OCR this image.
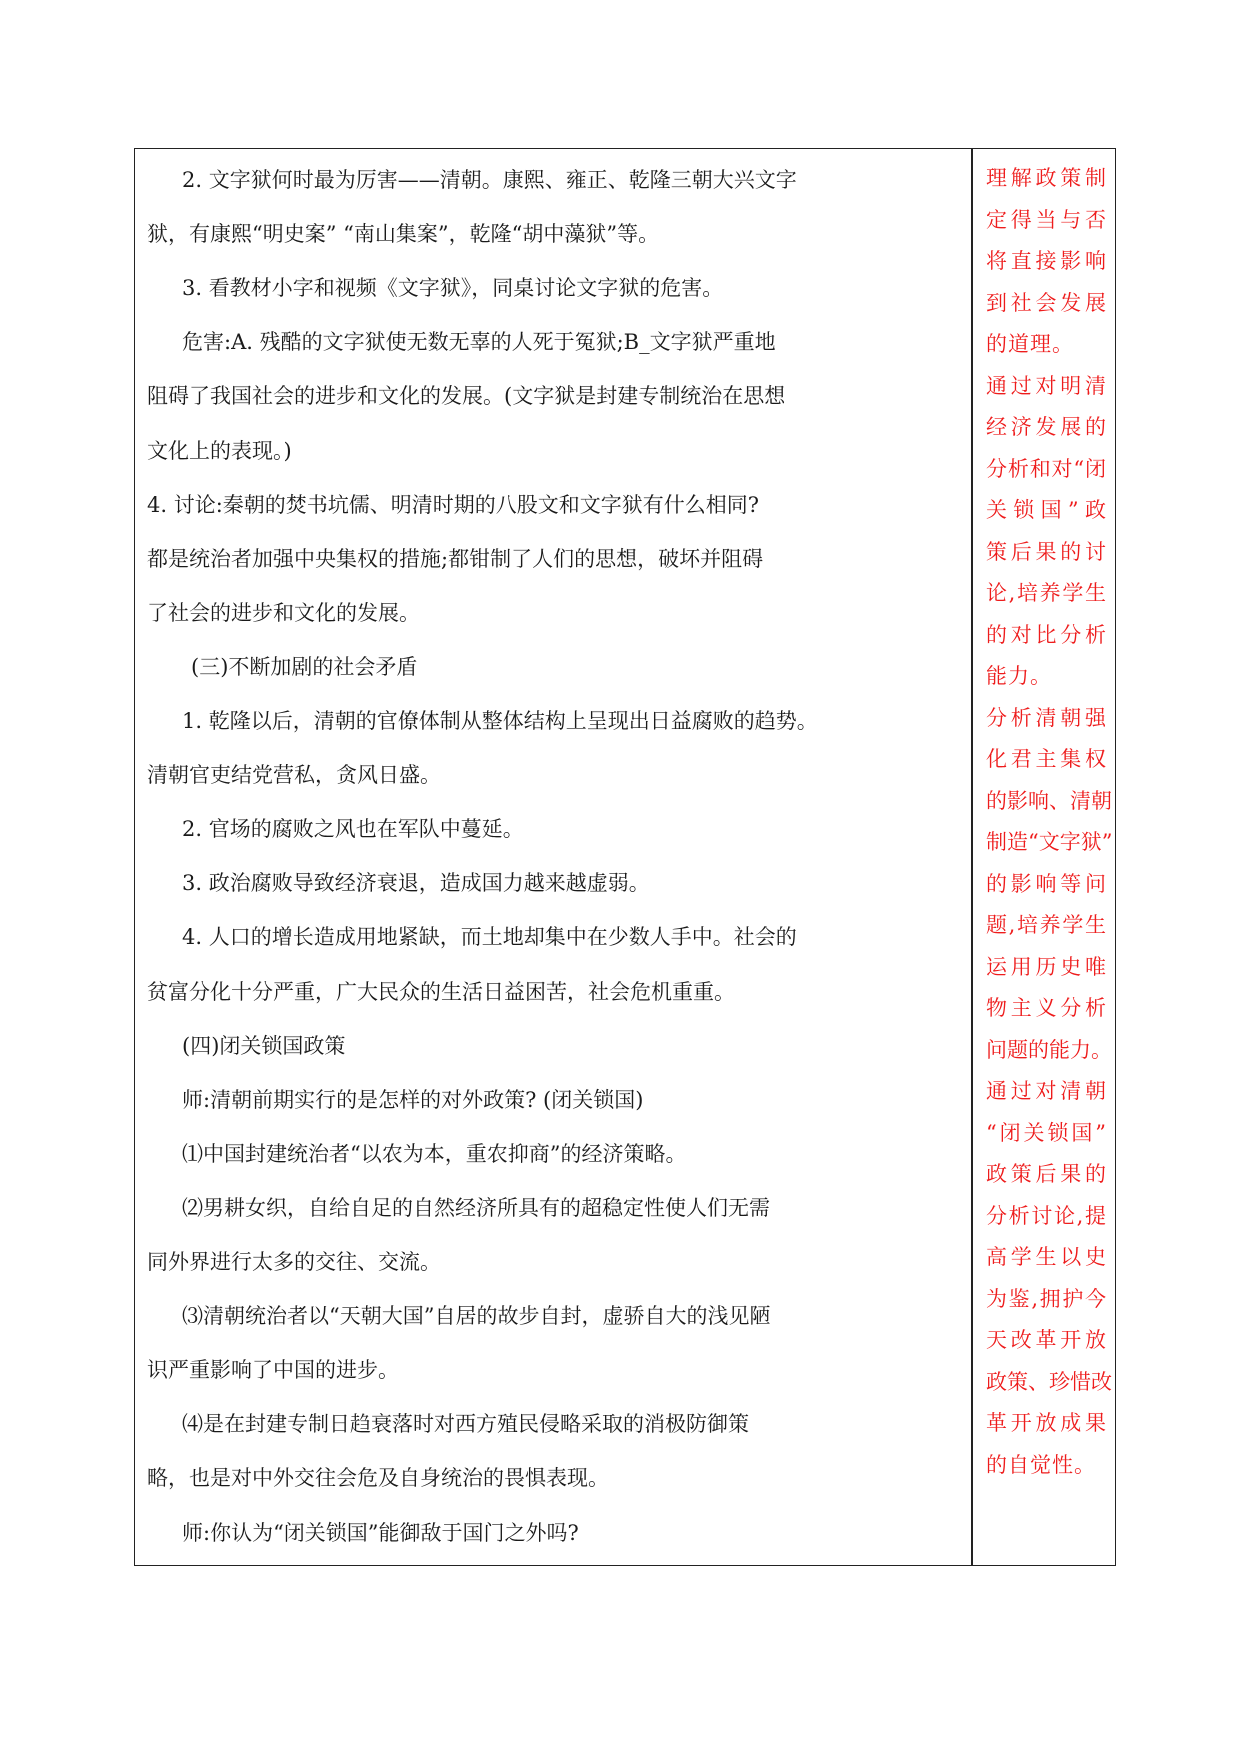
2. 文字狱何时最为厉害——清朝。康熙、雍正、乾隆三朝大兴文字
狱，有康熙“明史案” “南山集案”，乾隆“胡中藻狱”等。
3. 看教材小字和视频《文字狱》，同桌讨论文字狱的危害。
危害:A. 残酷的文字狱使无数无辜的人死于冤狱;B_文字狱严重地
阻碍了我国社会的进步和文化的发展。(文字狱是封建专制统治在思想
文化上的表现。)
4. 讨论:秦朝的焚书坑儒、明清时期的八股文和文字狱有什么相同?
都是统治者加强中央集权的措施;都钳制了人们的思想，破坏并阻碍
了社会的进步和文化的发展。
(三)不断加剧的社会矛盾
1. 乾隆以后，清朝的官僚体制从整体结构上呈现出日益腐败的趋势。
清朝官吏结党营私，贪风日盛。
2. 官场的腐败之风也在军队中蔓延。
3. 政治腐败导致经济衰退，造成国力越来越虚弱。
4. 人口的增长造成用地紧缺，而土地却集中在少数人手中。社会的
贫富分化十分严重，广大民众的生活日益困苦，社会危机重重。
(四)闭关锁国政策
师:清朝前期实行的是怎样的对外政策? (闭关锁国)
⑴中国封建统治者“以农为本，重农抑商”的经济策略。
⑵男耕女织，自给自足的自然经济所具有的超稳定性使人们无需
同外界进行太多的交往、交流。
⑶清朝统治者以“天朝大国”自居的故步自封，虚骄自大的浅见陋
识严重影响了中国的进步。
⑷是在封建专制日趋衰落时对西方殖民侵略采取的消极防御策
略，也是对中外交往会危及自身统治的畏惧表现。
师:你认为“闭关锁国”能御敌于国门之外吗?
理解政策制
定得当与否
将直接影响
到社会发展
的道理。
通过对明清
经济发展的
分析和对“闭
关锁国”政
策后果的讨
论,培养学生
的对比分析
能力。
分析清朝强
化君主集权
的影响、清朝
制造“文字狱”
的影响等问
题,培养学生
运用历史唯
物主义分析
问题的能力。
通过对清朝
“闭关锁国”
政策后果的
分析讨论,提
高学生以史
为鉴,拥护今
天改革开放
政策、珍惜改
革开放成果
的自觉性。
